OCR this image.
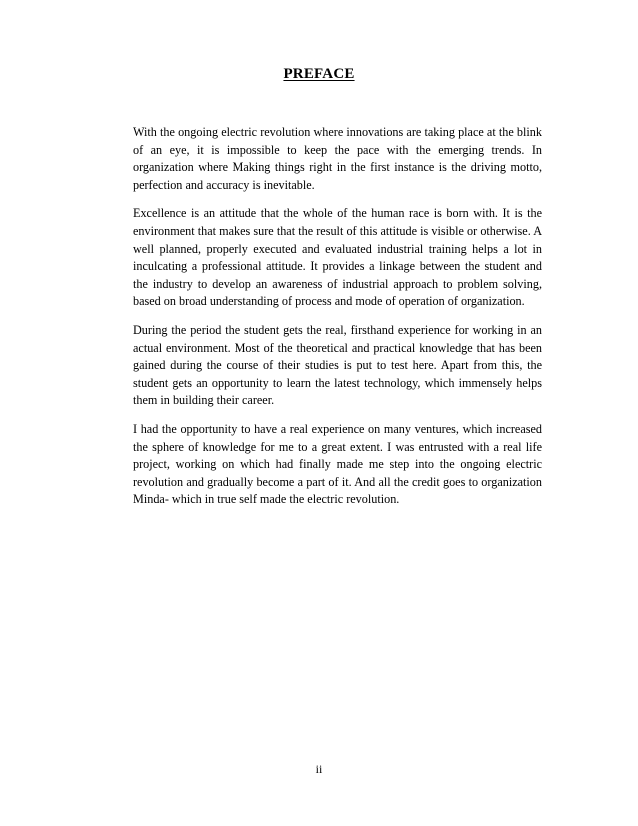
PREFACE

With the ongoing electric revolution where innovations are taking place at the blink of an eye, it is impossible to keep the pace with the emerging trends. In organization where Making things right in the first instance is the driving motto, perfection and accuracy is inevitable.

Excellence is an attitude that the whole of the human race is born with. It is the environment that makes sure that the result of this attitude is visible or otherwise. A well planned, properly executed and evaluated industrial training helps a lot in inculcating a professional attitude. It provides a linkage between the student and the industry to develop an awareness of industrial approach to problem solving, based on broad understanding of process and mode of operation of organization.

During the period the student gets the real, firsthand experience for working in an actual environment. Most of the theoretical and practical knowledge that has been gained during the course of their studies is put to test here. Apart from this, the student gets an opportunity to learn the latest technology, which immensely helps them in building their career.

I had the opportunity to have a real experience on many ventures, which increased the sphere of knowledge for me to a great extent. I was entrusted with a real life project, working on which had finally made me step into the ongoing electric revolution and gradually become a part of it. And all the credit goes to organization Minda- which in true self made the electric revolution.

ii
